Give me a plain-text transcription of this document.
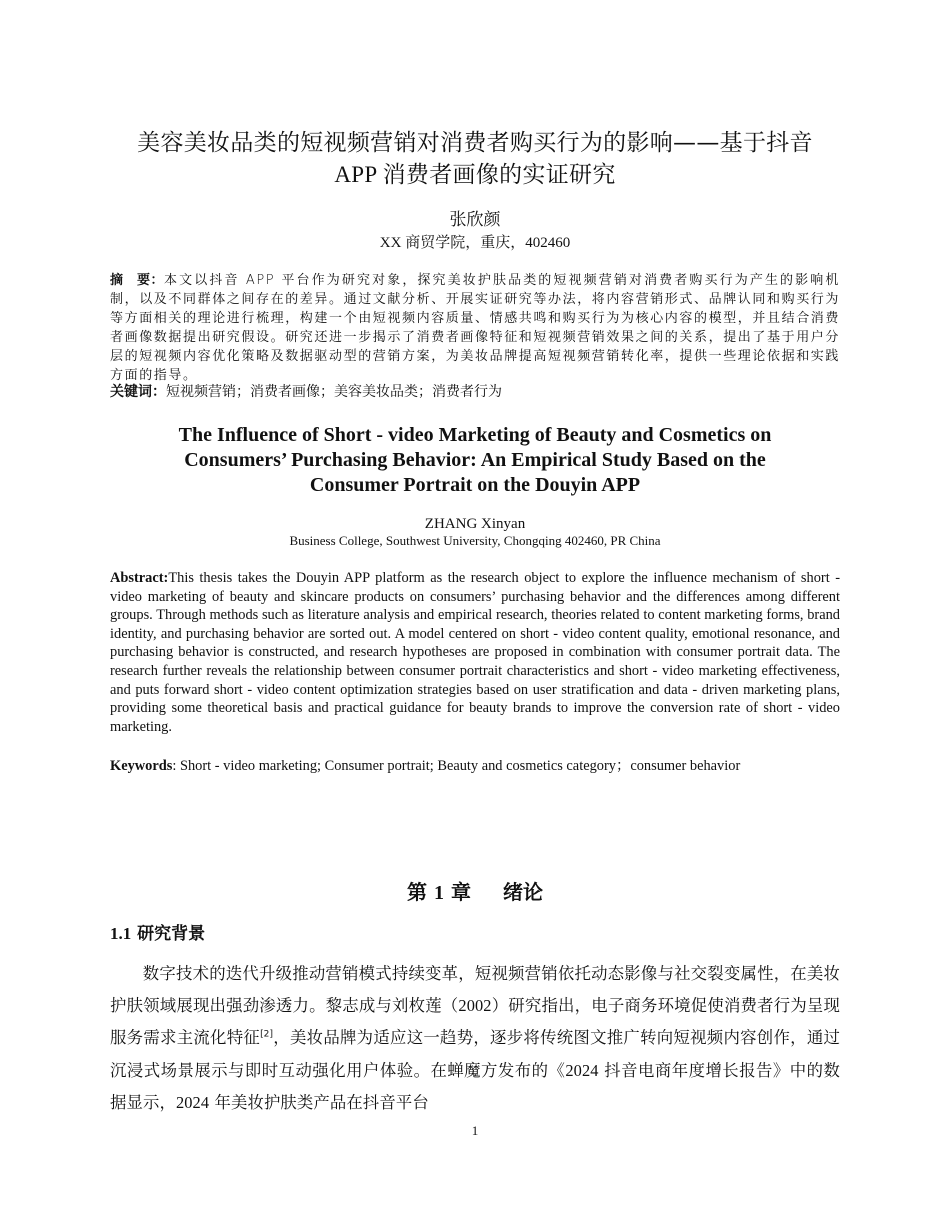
美容美妆品类的短视频营销对消费者购买行为的影响——基于抖音
APP 消费者画像的实证研究
张欣颜
XX 商贸学院，重庆，402460

摘　要：本文以抖音 APP 平台作为研究对象，探究美妆护肤品类的短视频营销对消费者购买行为产生的影响机制，以及不同群体之间存在的差异。通过文献分析、开展实证研究等办法，将内容营销形式、品牌认同和购买行为等方面相关的理论进行梳理，构建一个由短视频内容质量、情感共鸣和购买行为为核心内容的模型，并且结合消费者画像数据提出研究假设。研究还进一步揭示了消费者画像特征和短视频营销效果之间的关系，提出了基于用户分层的短视频内容优化策略及数据驱动型的营销方案，为美妆品牌提高短视频营销转化率，提供一些理论依据和实践方面的指导。

关键词：短视频营销；消费者画像；美容美妆品类；消费者行为

The Influence of Short - video Marketing of Beauty and Cosmetics on
Consumers’ Purchasing Behavior: An Empirical Study Based on the
Consumer Portrait on the Douyin APP
ZHANG Xinyan
Business College, Southwest University, Chongqing 402460, PR China

Abstract:This thesis takes the Douyin APP platform as the research object to explore the influence mechanism of short - video marketing of beauty and skincare products on consumers’ purchasing behavior and the differences among different groups. Through methods such as literature analysis and empirical research, theories related to content marketing forms, brand identity, and purchasing behavior are sorted out. A model centered on short - video content quality, emotional resonance, and purchasing behavior is constructed, and research hypotheses are proposed in combination with consumer portrait data. The research further reveals the relationship between consumer portrait characteristics and short - video marketing effectiveness, and puts forward short - video content optimization strategies based on user stratification and data - driven marketing plans, providing some theoretical basis and practical guidance for beauty brands to improve the conversion rate of short - video marketing.

Keywords: Short - video marketing; Consumer portrait; Beauty and cosmetics category；consumer behavior

第 1 章 绪论
1.1 研究背景

数字技术的迭代升级推动营销模式持续变革，短视频营销依托动态影像与社交裂变属性，在美妆护肤领域展现出强劲渗透力。黎志成与刘枚莲（2002）研究指出，电子商务环境促使消费者行为呈现服务需求主流化特征[2]，美妆品牌为适应这一趋势，逐步将传统图文推广转向短视频内容创作，通过沉浸式场景展示与即时互动强化用户体验。在蝉魔方发布的《2024 抖音电商年度增长报告》中的数据显示，2024 年美妆护肤类产品在抖音平台

1
